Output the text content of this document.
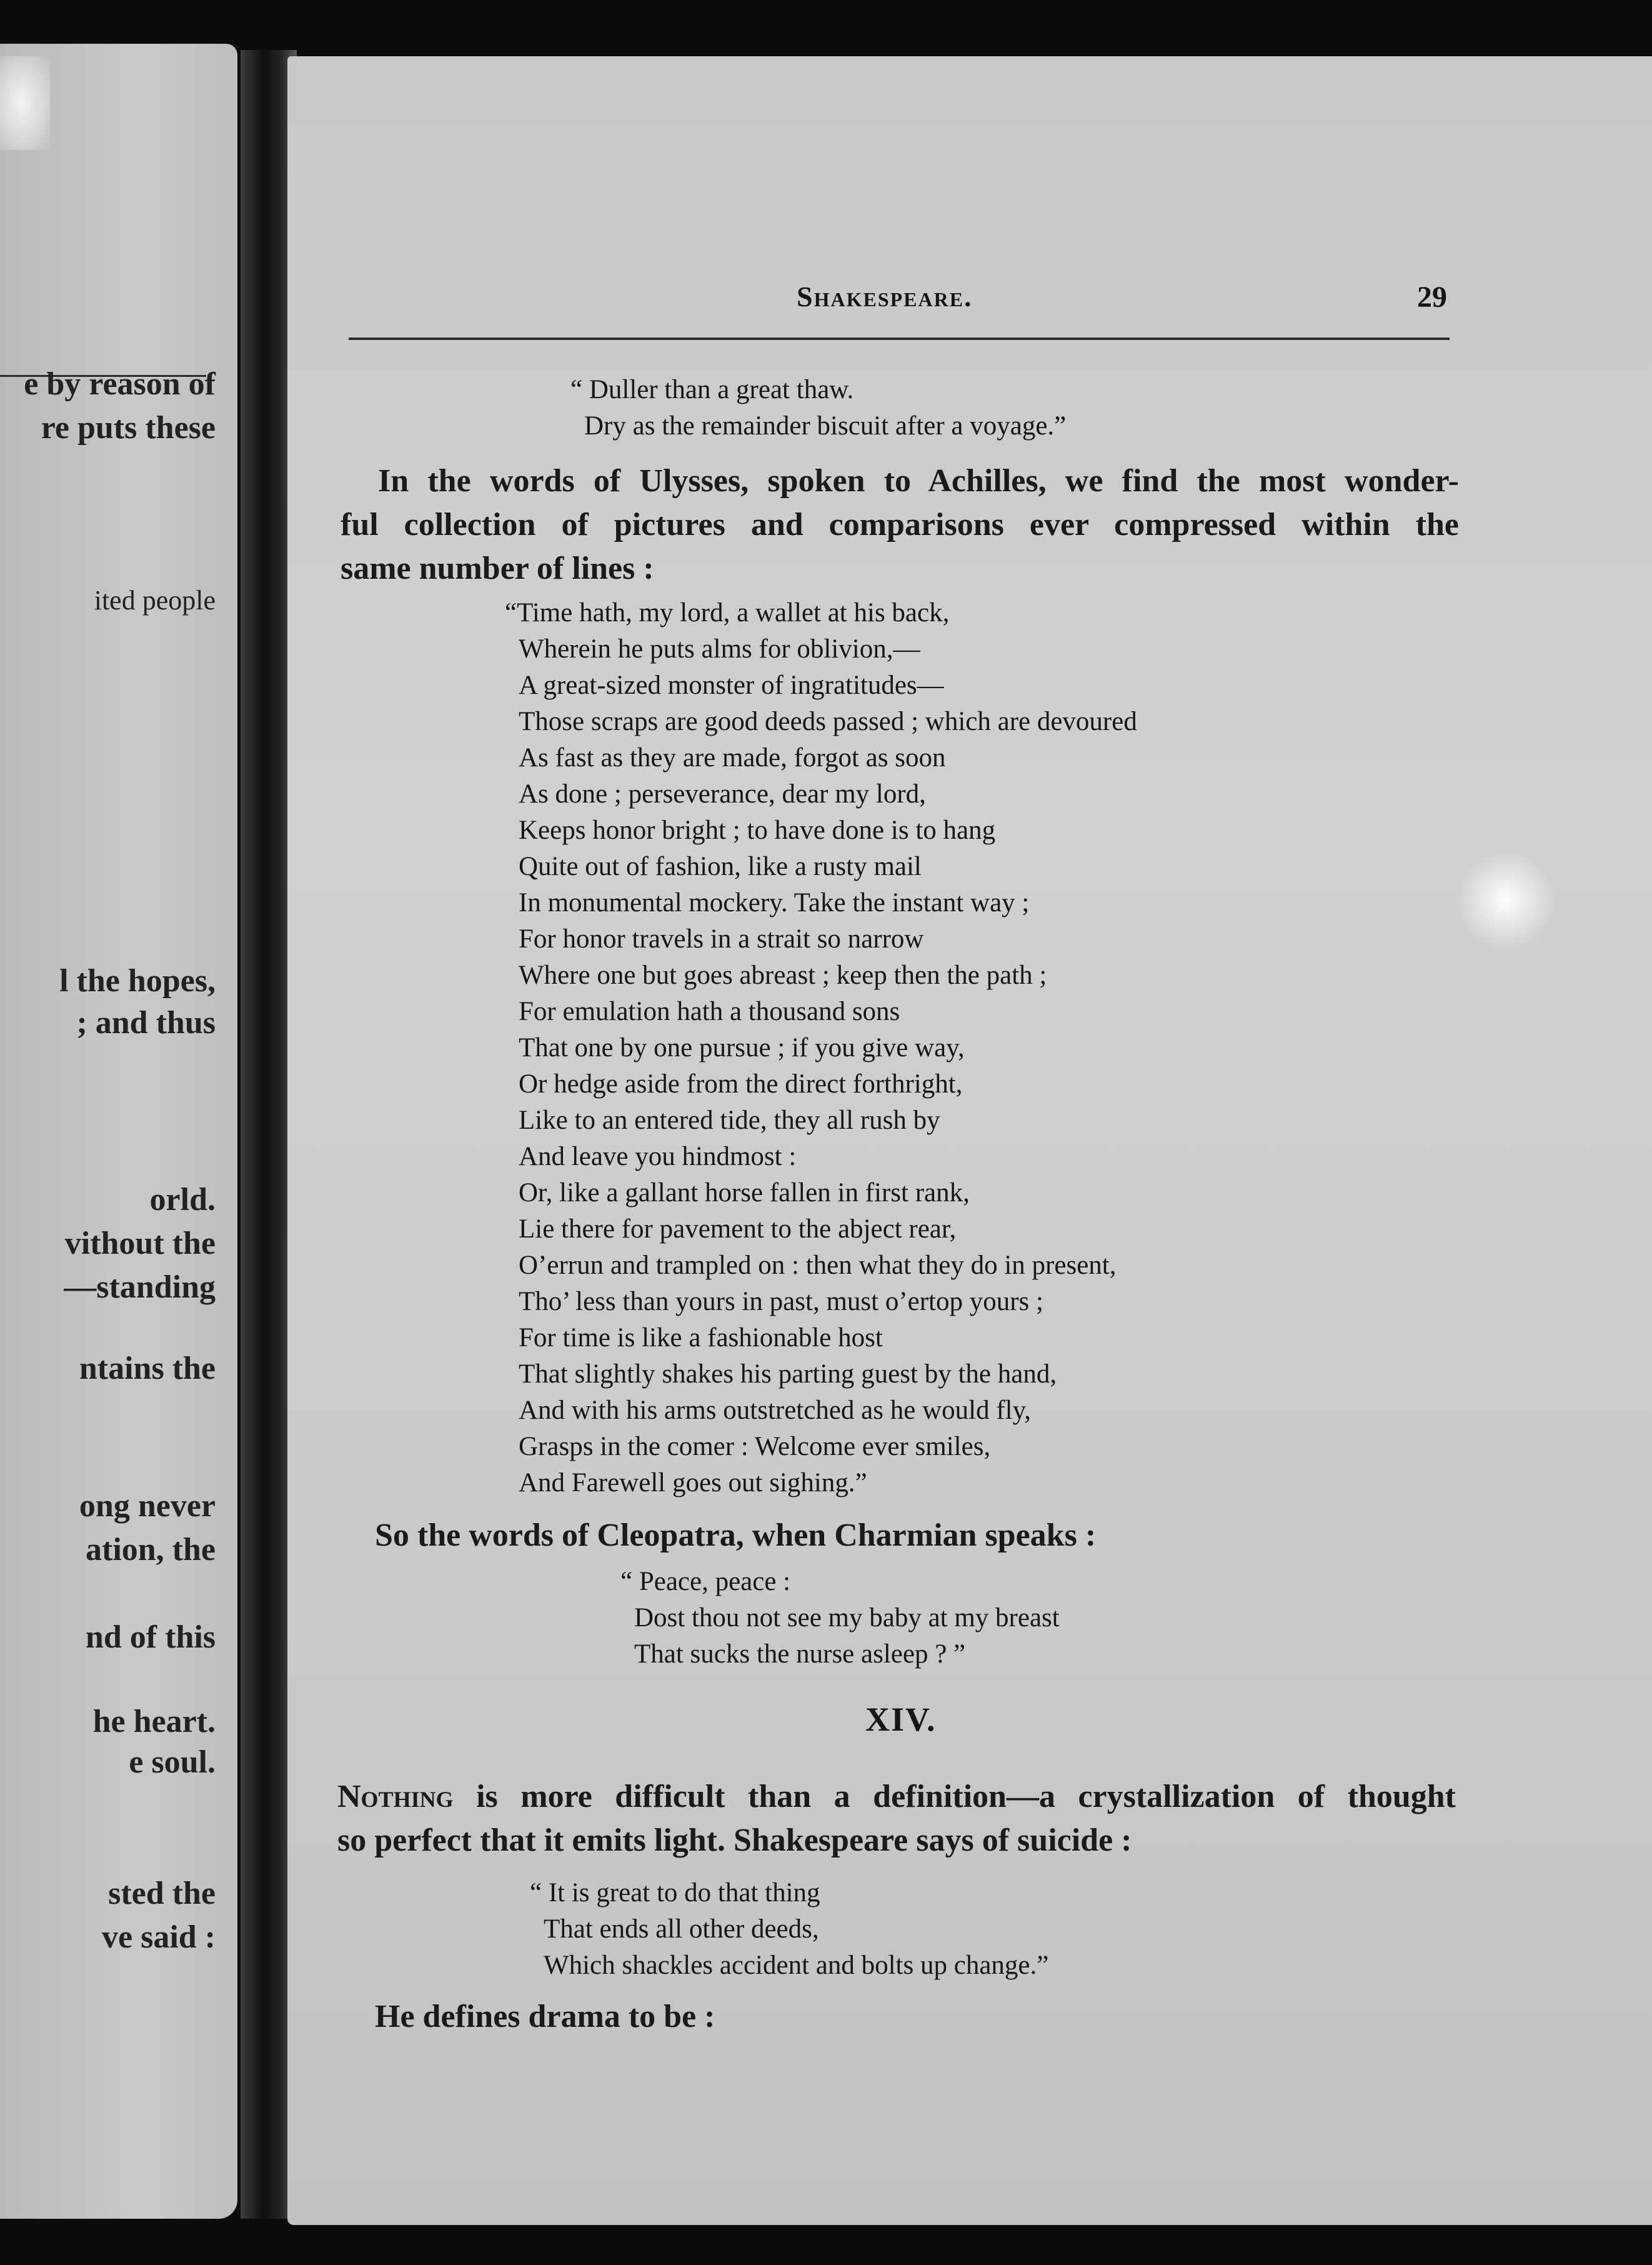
e by reason of
re puts these
ited people
l the hopes,
; and thus
orld.
vithout the
—standing
ntains the
ong never
ation, the
nd of this
he heart.
e soul.
sted the
ve said :
Shakespeare.	29
“ Duller than a great thaw.
Dry as the remainder biscuit after a voyage.”
In the words of Ulysses, spoken to Achilles, we find the most wonder-
ful collection of pictures and comparisons ever compressed within the
same number of lines :
“Time hath, my lord, a wallet at his back,
Wherein he puts alms for oblivion,—
A great-sized monster of ingratitudes—
Those scraps are good deeds passed ; which are devoured
As fast as they are made, forgot as soon
As done ; perseverance, dear my lord,
Keeps honor bright ; to have done is to hang
Quite out of fashion, like a rusty mail
In monumental mockery. Take the instant way ;
For honor travels in a strait so narrow
Where one but goes abreast ; keep then the path ;
For emulation hath a thousand sons
That one by one pursue ; if you give way,
Or hedge aside from the direct forthright,
Like to an entered tide, they all rush by
And leave you hindmost :
Or, like a gallant horse fallen in first rank,
Lie there for pavement to the abject rear,
O’errun and trampled on : then what they do in present,
Tho’ less than yours in past, must o’ertop yours ;
For time is like a fashionable host
That slightly shakes his parting guest by the hand,
And with his arms outstretched as he would fly,
Grasps in the comer : Welcome ever smiles,
And Farewell goes out sighing.”
So the words of Cleopatra, when Charmian speaks :
“ Peace, peace :
Dost thou not see my baby at my breast
That sucks the nurse asleep ? ”
XIV.
Nothing is more difficult than a definition—a crystallization of thought
so perfect that it emits light. Shakespeare says of suicide :
“ It is great to do that thing
That ends all other deeds,
Which shackles accident and bolts up change.”
He defines drama to be :
